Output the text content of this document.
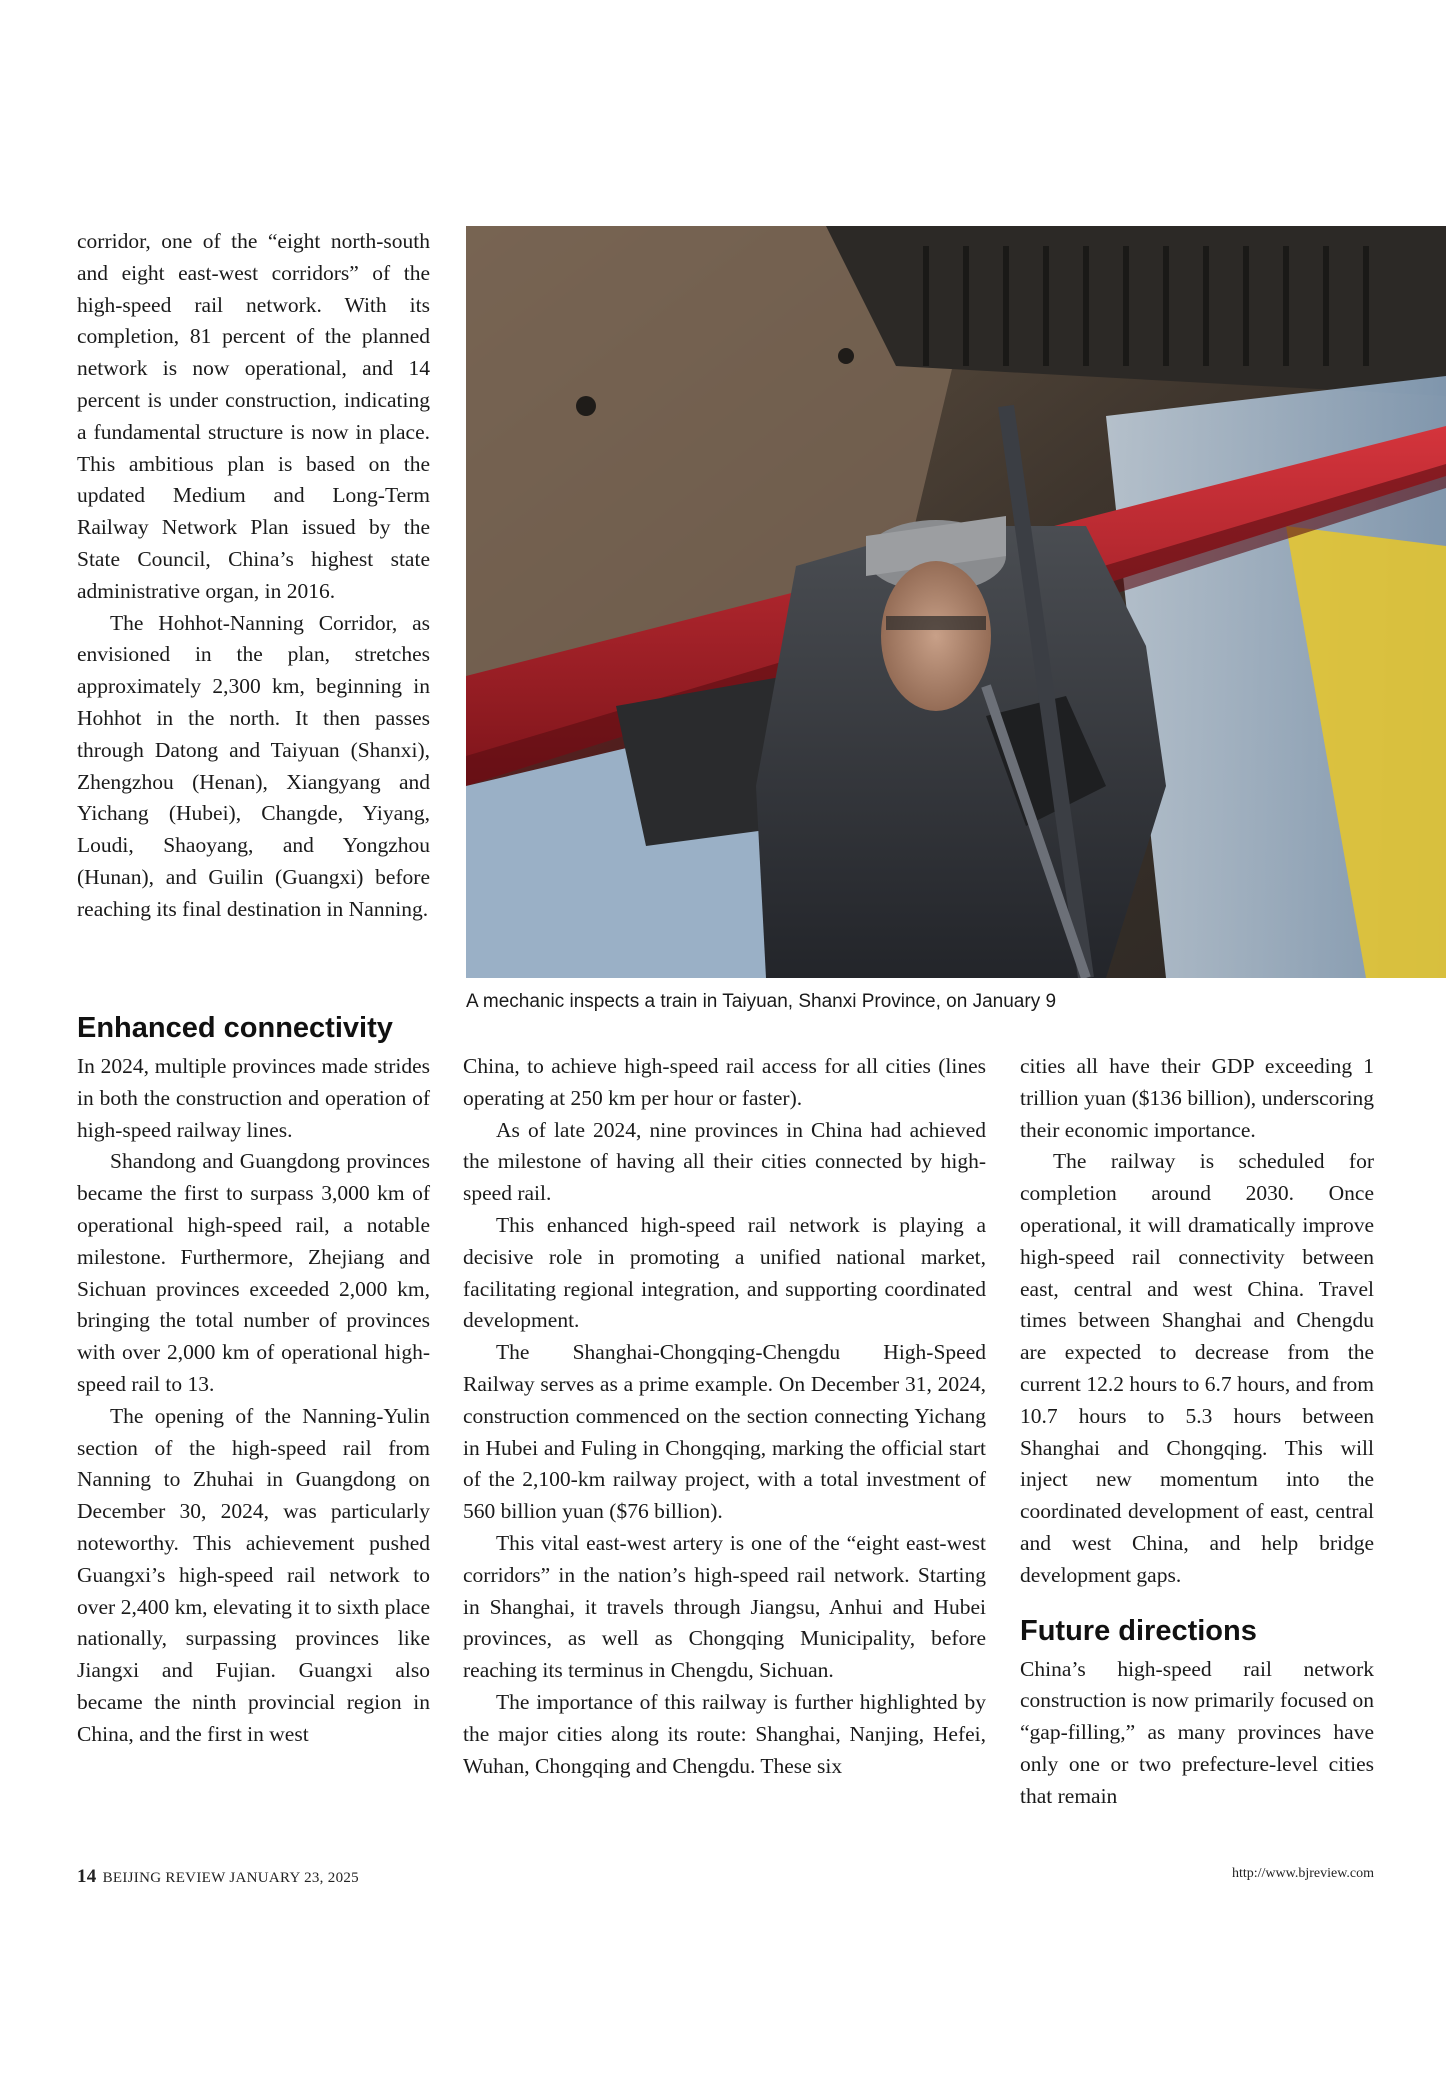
corridor, one of the “eight north-south and eight east-west corridors” of the high-speed rail network. With its completion, 81 percent of the planned network is now operational, and 14 percent is under construction, indicating a fundamental structure is now in place. This ambitious plan is based on the updated Medium and Long-Term Railway Network Plan issued by the State Council, China’s highest state administrative organ, in 2016.

The Hohhot-Nanning Corridor, as envisioned in the plan, stretches approximately 2,300 km, beginning in Hohhot in the north. It then passes through Datong and Taiyuan (Shanxi), Zhengzhou (Henan), Xiangyang and Yichang (Hubei), Changde, Yiyang, Loudi, Shaoyang, and Yongzhou (Hunan), and Guilin (Guangxi) before reaching its final destination in Nanning.

A mechanic inspects a train in Taiyuan, Shanxi Province, on January 9
Enhanced connectivity

In 2024, multiple provinces made strides in both the construction and operation of high-speed railway lines.

Shandong and Guangdong provinces became the first to surpass 3,000 km of operational high-speed rail, a notable milestone. Furthermore, Zhejiang and Sichuan provinces exceeded 2,000 km, bringing the total number of provinces with over 2,000 km of operational high-speed rail to 13.

The opening of the Nanning-Yulin section of the high-speed rail from Nanning to Zhuhai in Guangdong on December 30, 2024, was particularly noteworthy. This achievement pushed Guangxi’s high-speed rail network to over 2,400 km, elevating it to sixth place nationally, surpassing provinces like Jiangxi and Fujian. Guangxi also became the ninth provincial region in China, and the first in west

China, to achieve high-speed rail access for all cities (lines operating at 250 km per hour or faster).

As of late 2024, nine provinces in China had achieved the milestone of having all their cities connected by high-speed rail.

This enhanced high-speed rail network is playing a decisive role in promoting a unified national market, facilitating regional integration, and supporting coordinated development.

The Shanghai-Chongqing-Chengdu High-Speed Railway serves as a prime example. On December 31, 2024, construction commenced on the section connecting Yichang in Hubei and Fuling in Chongqing, marking the official start of the 2,100-km railway project, with a total investment of 560 billion yuan ($76 billion).

This vital east-west artery is one of the “eight east-west corridors” in the nation’s high-speed rail network. Starting in Shanghai, it travels through Jiangsu, Anhui and Hubei provinces, as well as Chongqing Municipality, before reaching its terminus in Chengdu, Sichuan.

The importance of this railway is further highlighted by the major cities along its route: Shanghai, Nanjing, Hefei, Wuhan, Chongqing and Chengdu. These six

cities all have their GDP exceeding 1 trillion yuan ($136 billion), underscoring their economic importance.

The railway is scheduled for completion around 2030. Once operational, it will dramatically improve high-speed rail connectivity between east, central and west China. Travel times between Shanghai and Chengdu are expected to decrease from the current 12.2 hours to 6.7 hours, and from 10.7 hours to 5.3 hours between Shanghai and Chongqing. This will inject new momentum into the coordinated development of east, central and west China, and help bridge development gaps.

Future directions

China’s high-speed rail network construction is now primarily focused on “gap-filling,” as many provinces have only one or two prefecture-level cities that remain

14 BEIJING REVIEW JANUARY 23, 2025	http://www.bjreview.com
